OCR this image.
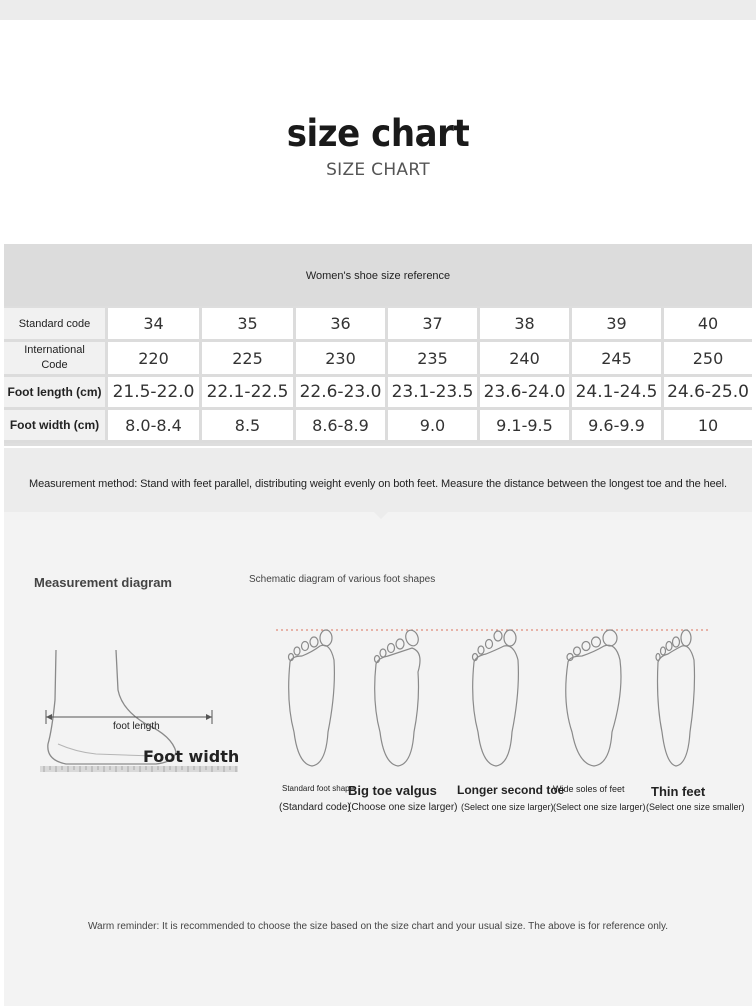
size chart
SIZE CHART
Women's shoe size reference
Standard code	34	35	36	37	38	39	40
International Code	220	225	230	235	240	245	250
Foot length (cm)	21.5-22.0	22.1-22.5	22.6-23.0	23.1-23.5	23.6-24.0	24.1-24.5	24.6-25.0
Foot width (cm)	8.0-8.4	8.5	8.6-8.9	9.0	9.1-9.5	9.6-9.9	10
Measurement method: Stand with feet parallel, distributing weight evenly on both feet. Measure the distance between the longest toe and the heel.
Measurement diagram	Schematic diagram of various foot shapes
foot length
Foot width
Standard foot shape
(Standard code)
Big toe valgus
(Choose one size larger)
Longer second toe
(Select one size larger)
Wide soles of feet
(Select one size larger)
Thin feet
(Select one size smaller)
Warm reminder: It is recommended to choose the size based on the size chart and your usual size. The above is for reference only.
